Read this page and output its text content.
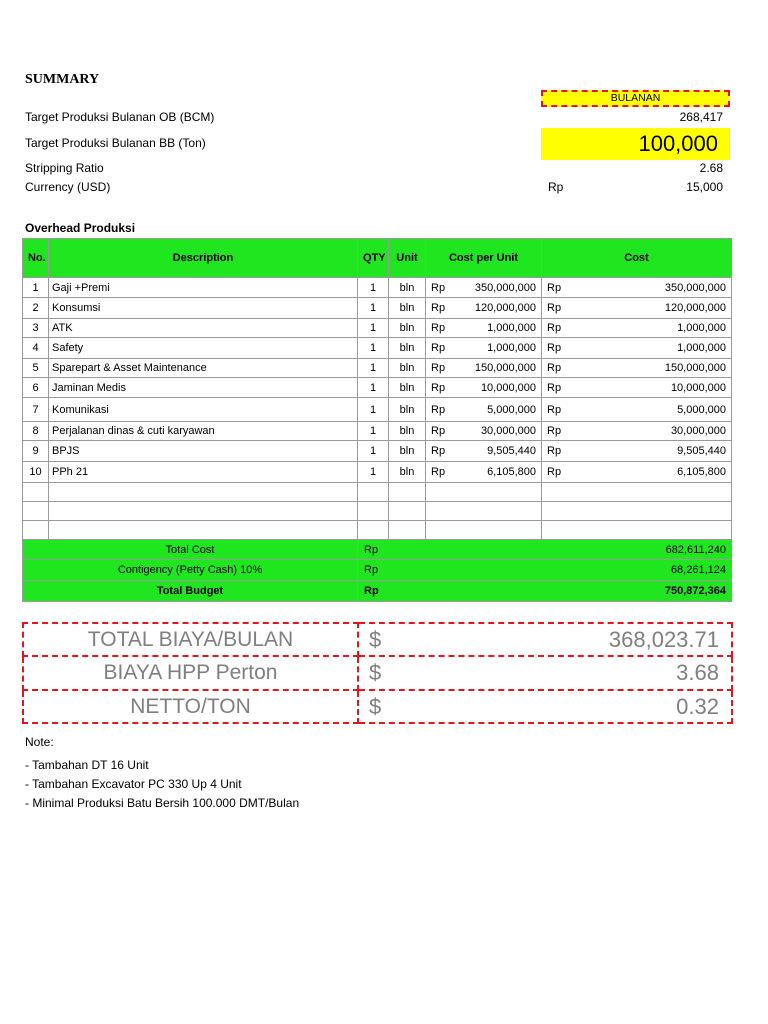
SUMMARY
BULANAN
Target Produksi Bulanan OB (BCM)	268,417
Target Produksi Bulanan BB (Ton)	100,000
Stripping Ratio	2.68
Currency (USD)	Rp	15,000
Overhead Produksi
No.	Description	QTY	Unit	Cost per Unit	Cost
1	Gaji +Premi	1	bln	Rp 350,000,000	Rp 350,000,000
2	Konsumsi	1	bln	Rp 120,000,000	Rp 120,000,000
3	ATK	1	bln	Rp 1,000,000	Rp 1,000,000
4	Safety	1	bln	Rp 1,000,000	Rp 1,000,000
5	Sparepart & Asset Maintenance	1	bln	Rp 150,000,000	Rp 150,000,000
6	Jaminan Medis	1	bln	Rp 10,000,000	Rp 10,000,000
7	Komunikasi	1	bln	Rp 5,000,000	Rp 5,000,000
8	Perjalanan dinas & cuti karyawan	1	bln	Rp 30,000,000	Rp 30,000,000
9	BPJS	1	bln	Rp 9,505,440	Rp 9,505,440
10	PPh 21	1	bln	Rp 6,105,800	Rp 6,105,800

Total Cost		Rp 682,611,240			
Contigency (Petty Cash) 10%		Rp 68,261,124			
Total Budget		Rp 750,872,364			
TOTAL BIAYA/BULAN	$ 368,023.71
BIAYA HPP Perton	$ 3.68
NETTO/TON	$ 0.32
Note:
- Tambahan DT 16 Unit
- Tambahan Excavator PC 330 Up 4 Unit
- Minimal Produksi Batu Bersih 100.000 DMT/Bulan
